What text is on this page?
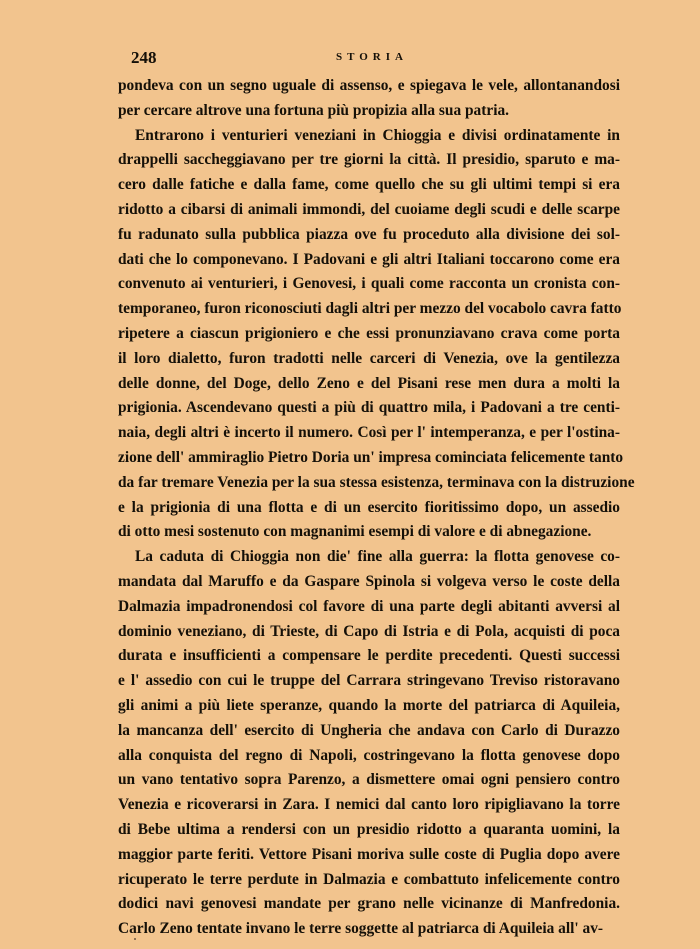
248	STORIA
pondeva con un segno uguale di assenso, e spiegava le vele, allontanandosi
per cercare altrove una fortuna più propizia alla sua patria.
Entrarono i venturieri veneziani in Chioggia e divisi ordinatamente in
drappelli saccheggiavano per tre giorni la città. Il presidio, sparuto e ma-
cero dalle fatiche e dalla fame, come quello che su gli ultimi tempi si era
ridotto a cibarsi di animali immondi, del cuoiame degli scudi e delle scarpe
fu radunato sulla pubblica piazza ove fu proceduto alla divisione dei sol-
dati che lo componevano. I Padovani e gli altri Italiani toccarono come era
convenuto ai venturieri, i Genovesi, i quali come racconta un cronista con-
temporaneo, furon riconosciuti dagli altri per mezzo del vocabolo cavra fatto
ripetere a ciascun prigioniero e che essi pronunziavano crava come porta
il loro dialetto, furon tradotti nelle carceri di Venezia, ove la gentilezza
delle donne, del Doge, dello Zeno e del Pisani rese men dura a molti la
prigionia. Ascendevano questi a più di quattro mila, i Padovani a tre centi-
naia, degli altri è incerto il numero. Così per l' intemperanza, e per l'ostina-
zione dell' ammiraglio Pietro Doria un' impresa cominciata felicemente tanto
da far tremare Venezia per la sua stessa esistenza, terminava con la distruzione
e la prigionia di una flotta e di un esercito fioritissimo dopo, un assedio
di otto mesi sostenuto con magnanimi esempi di valore e di abnegazione.
La caduta di Chioggia non die' fine alla guerra: la flotta genovese co-
mandata dal Maruffo e da Gaspare Spinola si volgeva verso le coste della
Dalmazia impadronendosi col favore di una parte degli abitanti avversi al
dominio veneziano, di Trieste, di Capo di Istria e di Pola, acquisti di poca
durata e insufficienti a compensare le perdite precedenti. Questi successi
e l' assedio con cui le truppe del Carrara stringevano Treviso ristoravano
gli animi a più liete speranze, quando la morte del patriarca di Aquileia,
la mancanza dell' esercito di Ungheria che andava con Carlo di Durazzo
alla conquista del regno di Napoli, costringevano la flotta genovese dopo
un vano tentativo sopra Parenzo, a dismettere omai ogni pensiero contro
Venezia e ricoverarsi in Zara. I nemici dal canto loro ripigliavano la torre
di Bebe ultima a rendersi con un presidio ridotto a quaranta uomini, la
maggior parte feriti. Vettore Pisani moriva sulle coste di Puglia dopo avere
ricuperato le terre perdute in Dalmazia e combattuto infelicemente contro
dodici navi genovesi mandate per grano nelle vicinanze di Manfredonia.
Carlo Zeno tentate invano le terre soggette al patriarca di Aquileia all' av-
